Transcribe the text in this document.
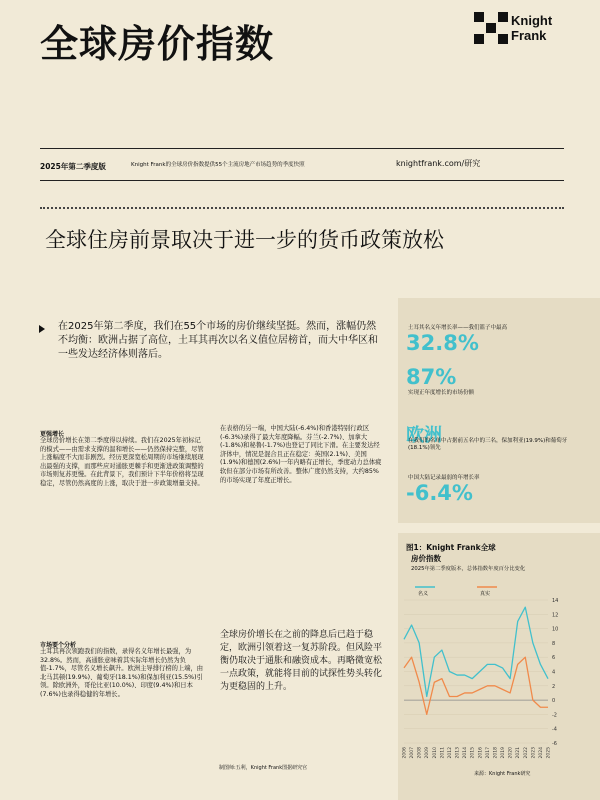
全球房价指数
Knight
Frank
2025年第二季度版	Knight Frank的全球房价指数提供55个主流房地产市场趋势的季度快照	knightfrank.com/研究
全球住房前景取决于进一步的货币政策放松
在2025年第二季度，我们在55个市场的房价继续坚挺。然而，涨幅仍然不均衡：欧洲占据了高位，土耳其再次以名义值位居榜首，而大中华区和一些发达经济体则落后。
土耳其名义年增长率——我们篮子中最高
32.8%
87%
实现正年度增长的市场份额
欧洲
在我们的名单中占据前五名中的三名，保加利亚(19.9%)和葡萄牙(18.1%)领先
中国大陆记录最弱的年增长率
-6.4%
更强增长
全球房价增长在第二季度得以持续。我们在2025年初标记的模式——由需求支撑的温和增长——仍然保持完整，尽管上涨幅度不大而非剧烈。经历更深宽松周期的市场继续展现出最强的支撑，而那些应对通胀更棘手和更渐进政策调整的市场则复苏更慢。在此背景下，我们预计下半年价格将呈现稳定，尽管仍然高度的上涨，取决于进一步政策增量支持。
在表格的另一端，中国大陆(-6.4%)和香港特别行政区(-6.3%)录得了最大年度降幅。芬兰(-2.7%)、加拿大(-1.8%)和秘鲁(-1.7%)也登记了同比下滑。在主要发达经济体中，情况是混合且正在稳定：英国(2.1%)、美国(1.9%)和德国(2.6%)一年内略有正增长，季度动力总体疲软但在部分市场有所改善。整体广度仍然支持，大约85%的市场实现了年度正增长。
市场要个分析
土耳其再次领跑我们的指数，录得名义年增长最强，为32.8%。然而，高通胀意味着其实际年增长仍然为负值-1.7%，尽管名义增长飙升。欧洲主导排行榜的上端，由北马其顿(19.9%)、葡萄牙(18.1%)和保加利亚(15.5%)引领。除欧洲外，哥伦比亚(10.0%)、印度(9.4%)和日本(7.6%)也录得稳健的年增长。
全球房价增长在之前的降息后已趋于稳定，欧洲引领着这一复苏阶段。但风险平衡仍取决于通胀和融资成本。再略微宽松一点政策，就能将目前的试探性势头转化为更稳固的上升。
制图师:五利，Knight Frank图据研究官
图1：Knight Frank全球
房价指数
2025年第二季度版本，总体指数年度百分比变化
名义	真实
-6
-4
-2
0
2
4
6
8
10
12
14
2006 2007 2008 2009 2010 2011 2012 2013 2014 2015 2016 2017 2018 2019 2020 2021 2022 2023 2024 2025
来源：Knight Frank研究
